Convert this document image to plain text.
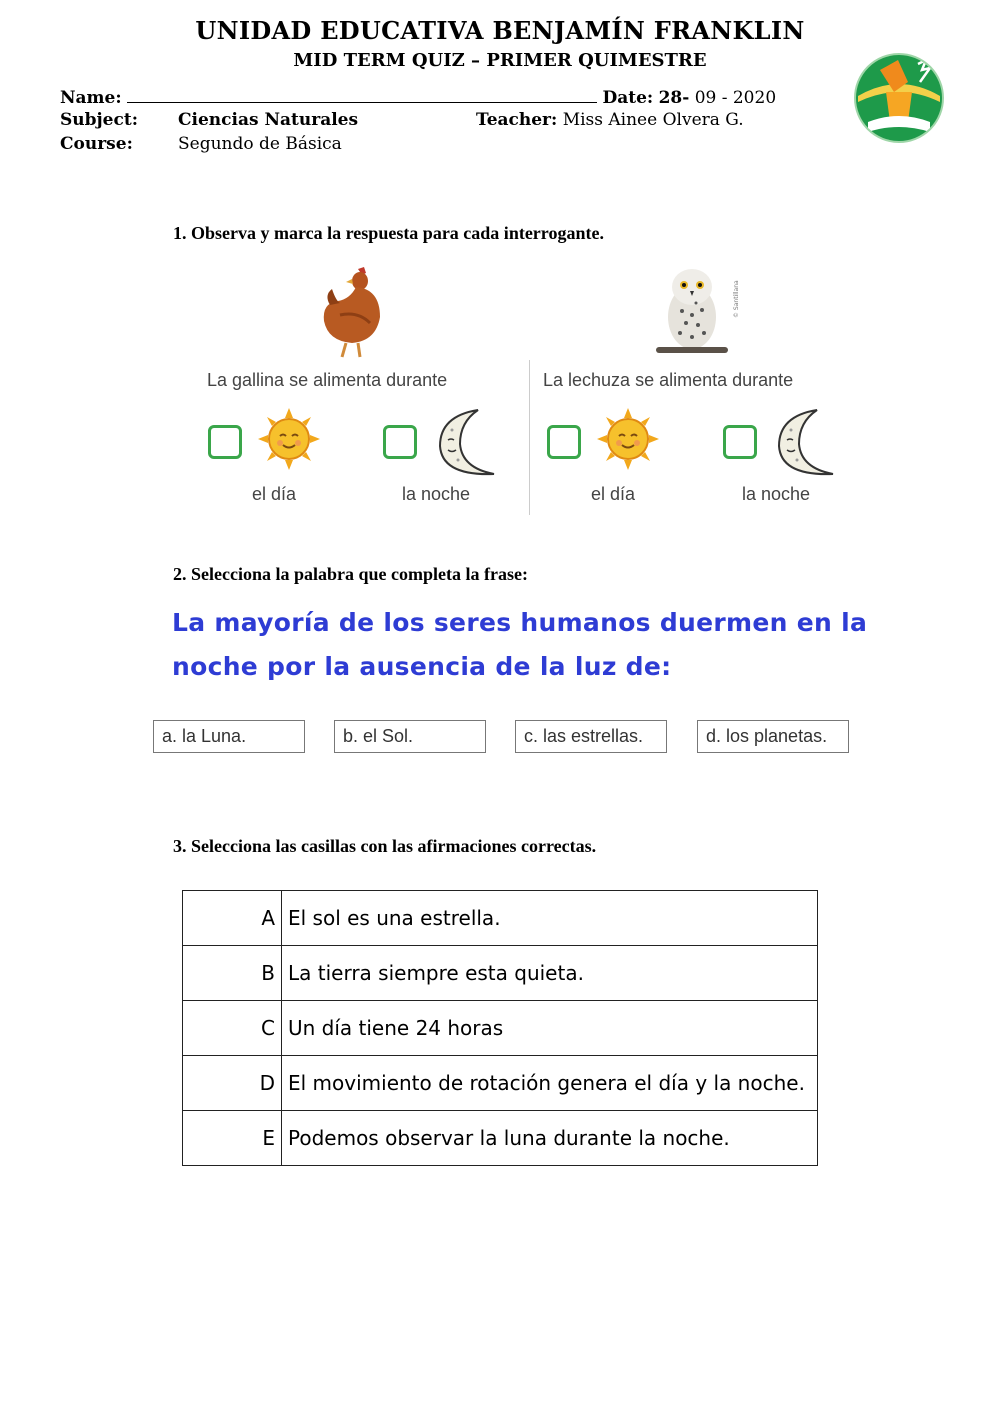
UNIDAD EDUCATIVA BENJAMÍN FRANKLIN
MID TERM QUIZ – PRIMER QUIMESTRE
Name:	Date: 28- 09 - 2020
Subject: Ciencias Naturales	Teacher: Miss Ainee Olvera G.
Course:	Segundo de Básica
1. Observa y marca la respuesta para cada interrogante.
© Santillana
La gallina se alimenta durante	La lechuza se alimenta durante
el día	la noche	el día	la noche
2. Selecciona la palabra que completa la frase:
La mayoría de los seres humanos duermen en la
noche por la ausencia de la luz de:
a. la Luna.	b. el Sol.	c. las estrellas.	d. los planetas.
3. Selecciona las casillas con las afirmaciones correctas.
A	El sol es una estrella.
B	La tierra siempre esta quieta.
C	Un día tiene 24 horas
D	El movimiento de rotación genera el día y la noche.
E	Podemos observar la luna durante la noche.
